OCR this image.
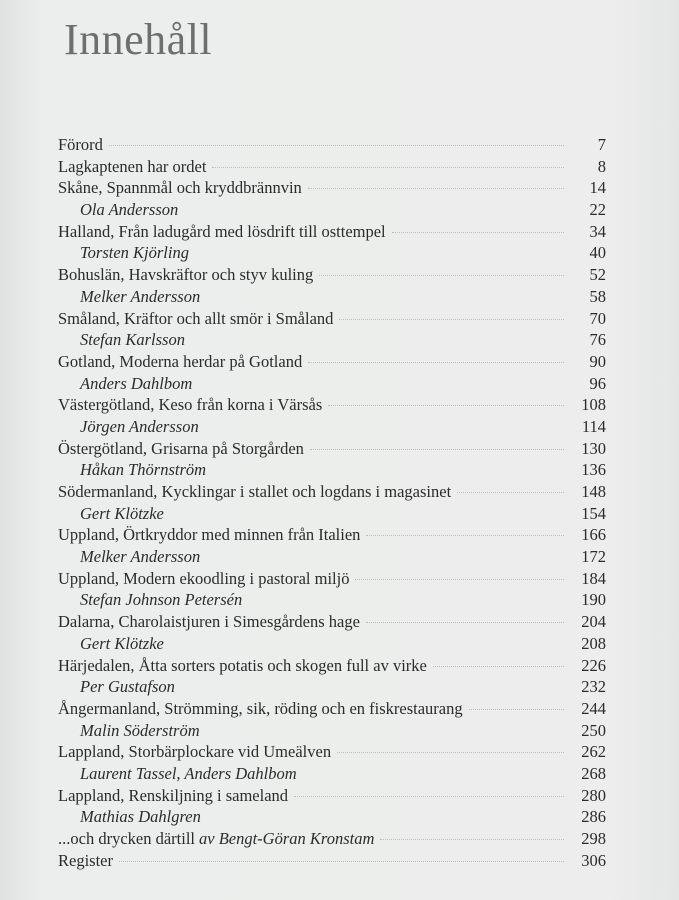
Innehåll
Förord	7
Lagkaptenen har ordet	8
Skåne, Spannmål och kryddbrännvin	14
Ola Andersson	22
Halland, Från ladugård med lösdrift till osttempel	34
Torsten Kjörling	40
Bohuslän, Havskräftor och styv kuling	52
Melker Andersson	58
Småland, Kräftor och allt smör i Småland	70
Stefan Karlsson	76
Gotland, Moderna herdar på Gotland	90
Anders Dahlbom	96
Västergötland, Keso från korna i Värsås	108
Jörgen Andersson	114
Östergötland, Grisarna på Storgården	130
Håkan Thörnström	136
Södermanland, Kycklingar i stallet och logdans i magasinet	148
Gert Klötzke	154
Uppland, Örtkryddor med minnen från Italien	166
Melker Andersson	172
Uppland, Modern ekoodling i pastoral miljö	184
Stefan Johnson Petersén	190
Dalarna, Charolaistjuren i Simesgårdens hage	204
Gert Klötzke	208
Härjedalen, Åtta sorters potatis och skogen full av virke	226
Per Gustafson	232
Ångermanland, Strömming, sik, röding och en fiskrestaurang	244
Malin Söderström	250
Lappland, Storbärplockare vid Umeälven	262
Laurent Tassel, Anders Dahlbom	268
Lappland, Renskiljning i sameland	280
Mathias Dahlgren	286
...och drycken därtill av Bengt-Göran Kronstam	298
Register	306
